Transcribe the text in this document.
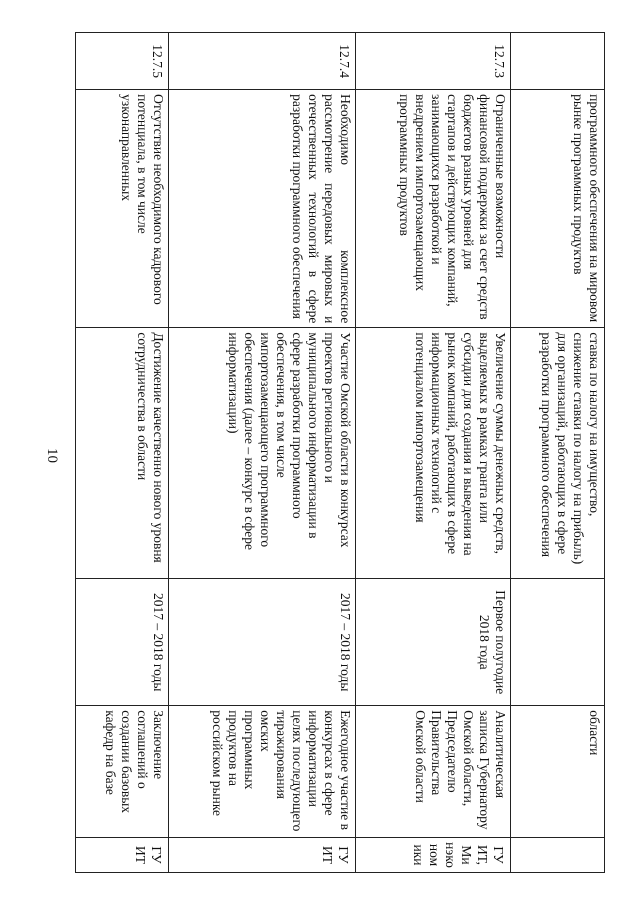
10
	программного обеспечения на мировом рынке программных продуктов	ставка по налогу на имущество, снижение ставки по налогу на прибыль) для организаций, работающих в сфере разработки программного обеспечения		области	
12.7.3	Ограниченные возможности финансовой поддержки за счет средств бюджетов разных уровней для стартапов и действующих компаний, занимающихся разработкой и внедрением импортозамещающих программных продуктов	Увеличение суммы денежных средств, выделяемых в рамках гранта или субсидии для создания и выведения на рынок компаний, работающих в сфере информационных технологий с потенциалом импортозамещения	Первое полугодие 2018 года	Аналитическая записка Губернатору Омской области, Председателю Правительства Омской области	ГУИТ, Минэкономики
12.7.4	Необходимо комплексное рассмотрение передовых мировых и отечественных технологий в сфере разработки программного обеспечения	Участие Омской области в конкурсах проектов регионального и муниципального информатизации в сфере разработки программного обеспечения, в том числе импортозамещающего программного обеспечения (далее – конкурс в сфере информатизации)	2017 – 2018 годы	Ежегодное участие в конкурсах в сфере информатизации целях последующего тиражирования омских программных продуктов на российском рынке	ГУИТ
12.7.5	Отсутствие необходимого кадрового потенциала, в том числе узконаправленных	Достижение качественно нового уровня сотрудничества в области	2017 – 2018 годы	Заключение соглашений о создании базовых кафедр на базе	ГУИТ
